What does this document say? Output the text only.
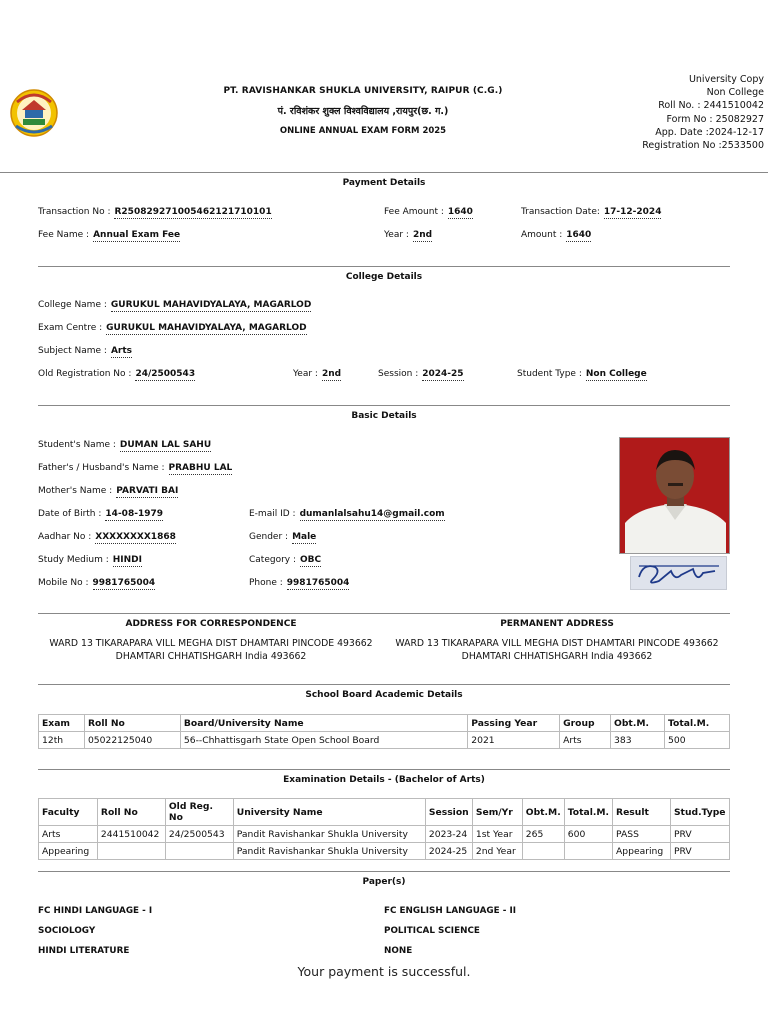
PT. RAVISHANKAR SHUKLA UNIVERSITY, RAIPUR (C.G.)
पं. रविशंकर शुक्ल विश्वविद्यालय ,रायपुर(छ. ग.)
ONLINE ANNUAL EXAM FORM 2025
University Copy
Non College
Roll No. : 2441510042
Form No : 25082927
App. Date :2024-12-17
Registration No :2533500
Payment Details
Transaction No : R250829271005462121710101	Fee Amount : 1640	Transaction Date: 17-12-2024
Fee Name : Annual Exam Fee	Year : 2nd	Amount : 1640
College Details
College Name : GURUKUL MAHAVIDYALAYA, MAGARLOD
Exam Centre : GURUKUL MAHAVIDYALAYA, MAGARLOD
Subject Name : Arts
Old Registration No : 24/2500543	Year : 2nd	Session : 2024-25	Student Type : Non College
Basic Details
Student's Name : DUMAN LAL SAHU
Father's / Husband's Name : PRABHU LAL
Mother's Name : PARVATI BAI
Date of Birth : 14-08-1979	E-mail ID : dumanlalsahu14@gmail.com
Aadhar No : XXXXXXXX1868	Gender : Male
Study Medium : HINDI	Category : OBC
Mobile No : 9981765004	Phone : 9981765004
ADDRESS FOR CORRESPONDENCE	PERMANENT ADDRESS
WARD 13 TIKARAPARA VILL MEGHA DIST DHAMTARI PINCODE 493662
DHAMTARI CHHATISHGARH India 493662
WARD 13 TIKARAPARA VILL MEGHA DIST DHAMTARI PINCODE 493662
DHAMTARI CHHATISHGARH India 493662
School Board Academic Details
Exam	Roll No	Board/University Name	Passing Year	Group	Obt.M.	Total.M.
12th	05022125040	56--Chhattisgarh State Open School Board	2021	Arts	383	500
Examination Details - (Bachelor of Arts)
Faculty	Roll No	Old Reg. No	University Name	Session	Sem/Yr	Obt.M.	Total.M.	Result	Stud.Type
Arts	2441510042	24/2500543	Pandit Ravishankar Shukla University	2023-24	1st Year	265	600	PASS	PRV
Appearing			Pandit Ravishankar Shukla University	2024-25	2nd Year			Appearing	PRV
Paper(s)
FC HINDI LANGUAGE - I	FC ENGLISH LANGUAGE - II
SOCIOLOGY	POLITICAL SCIENCE
HINDI LITERATURE	NONE
Your payment is successful.
